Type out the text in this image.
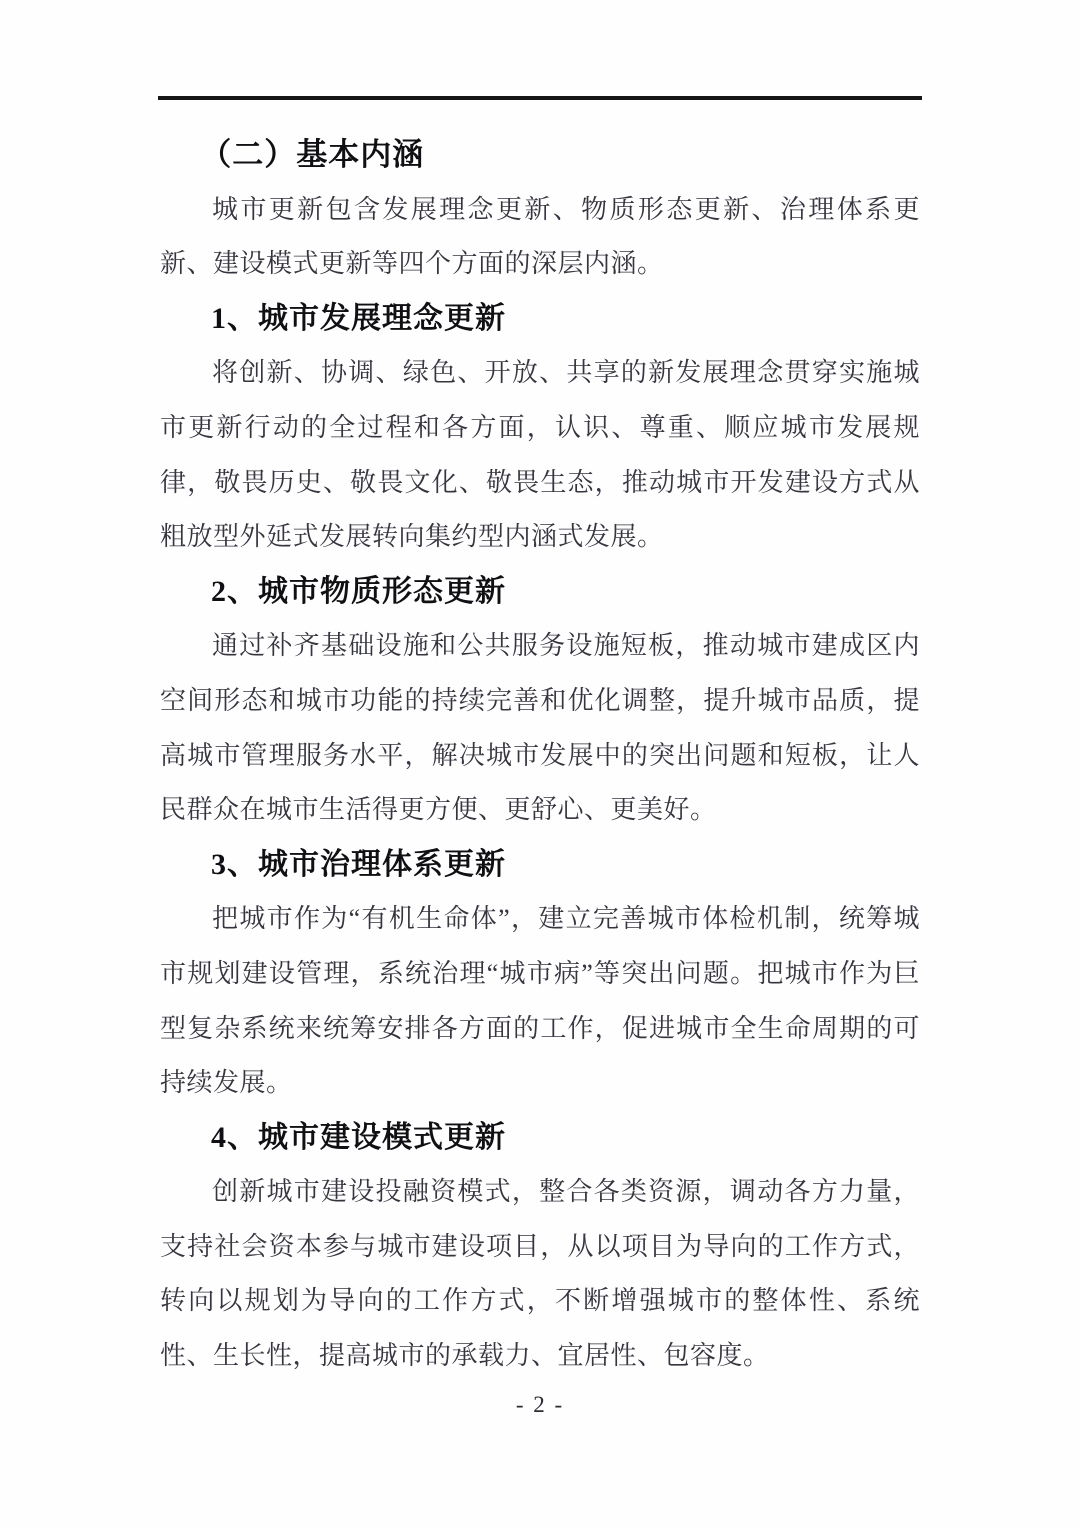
（二）基本内涵

城市更新包含发展理念更新、物质形态更新、治理体系更新、建设模式更新等四个方面的深层内涵。

1、城市发展理念更新

将创新、协调、绿色、开放、共享的新发展理念贯穿实施城市更新行动的全过程和各方面，认识、尊重、顺应城市发展规律，敬畏历史、敬畏文化、敬畏生态，推动城市开发建设方式从粗放型外延式发展转向集约型内涵式发展。

2、城市物质形态更新

通过补齐基础设施和公共服务设施短板，推动城市建成区内空间形态和城市功能的持续完善和优化调整，提升城市品质，提高城市管理服务水平，解决城市发展中的突出问题和短板，让人民群众在城市生活得更方便、更舒心、更美好。

3、城市治理体系更新

把城市作为“有机生命体”，建立完善城市体检机制，统筹城市规划建设管理，系统治理“城市病”等突出问题。把城市作为巨型复杂系统来统筹安排各方面的工作，促进城市全生命周期的可持续发展。

4、城市建设模式更新

创新城市建设投融资模式，整合各类资源，调动各方力量，支持社会资本参与城市建设项目，从以项目为导向的工作方式，转向以规划为导向的工作方式，不断增强城市的整体性、系统性、生长性，提高城市的承载力、宜居性、包容度。

- 2 -
